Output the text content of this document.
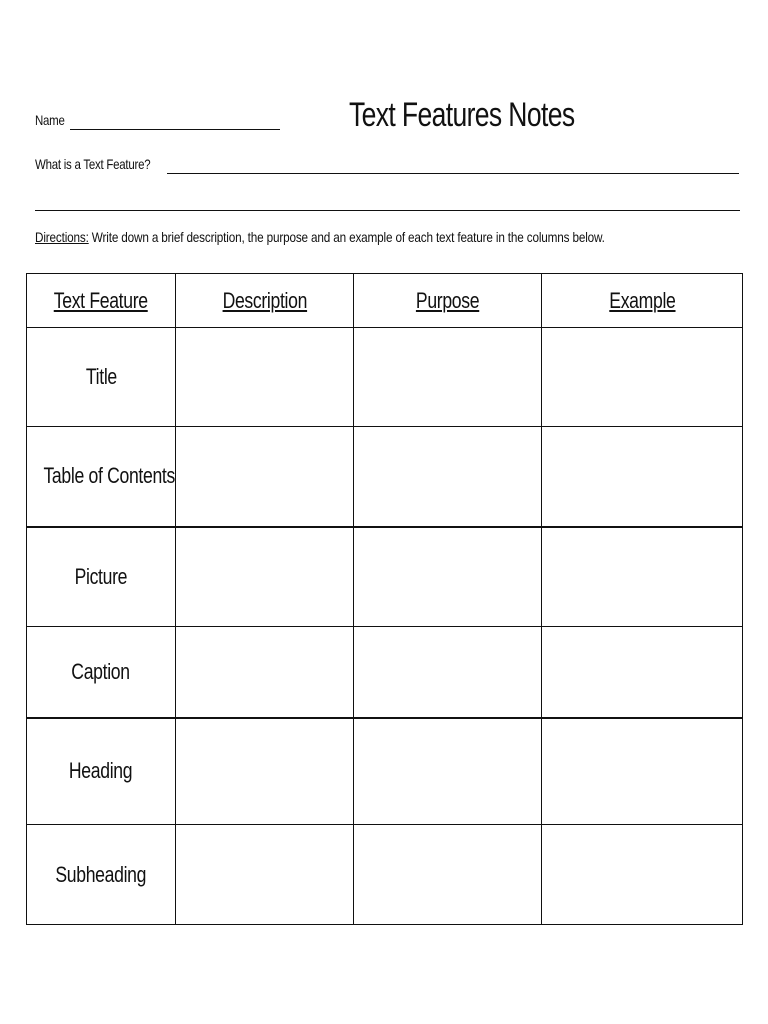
Name	Text Features Notes
What is a Text Feature?
Directions: Write down a brief description, the purpose and an example of each text feature in the columns below.
Text Feature	Description	Purpose	Example
Title			
Table of Contents			
Picture			
Caption			
Heading			
Subheading			
